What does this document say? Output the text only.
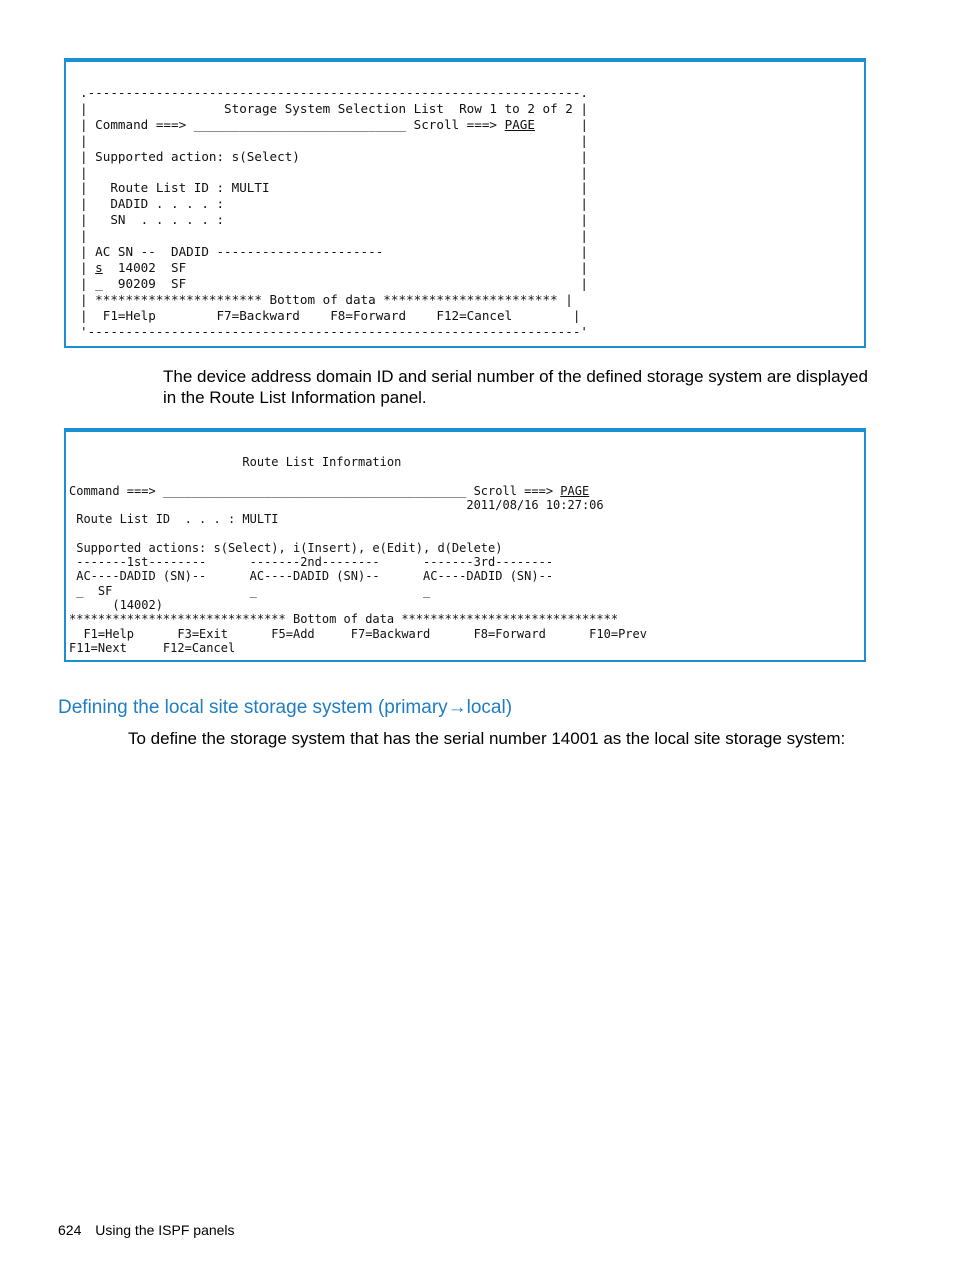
.-----------------------------------------------------------------.
|                  Storage System Selection List  Row 1 to 2 of 2 |
| Command ===> ____________________________ Scroll ===> PAGE      |
|                                                                 |
| Supported action: s(Select)                                     |
|                                                                 |
|   Route List ID : MULTI                                         |
|   DADID . . . . :                                               |
|   SN  . . . . . :                                               |
|                                                                 |
| AC SN --  DADID ----------------------                          |
| s  14002  SF                                                    |
| _  90209  SF                                                    |
| ********************** Bottom of data *********************** |
|  F1=Help        F7=Backward    F8=Forward    F12=Cancel        |
'-----------------------------------------------------------------'

The device address domain ID and serial number of the defined storage system are displayed in the Route List Information panel.
Route List Information

Command ===> __________________________________________ Scroll ===> PAGE
2011/08/16 10:27:06
Route List ID  . . . : MULTI

Supported actions: s(Select), i(Insert), e(Edit), d(Delete)
-------1st--------      -------2nd--------      -------3rd--------
AC----DADID (SN)--      AC----DADID (SN)--      AC----DADID (SN)--
_  SF                   _                       _
(14002)
****************************** Bottom of data ******************************
F1=Help      F3=Exit      F5=Add     F7=Backward      F8=Forward      F10=Prev
F11=Next     F12=Cancel

Defining the local site storage system (primary→local)
To define the storage system that has the serial number 14001 as the local site storage system:
624 Using the ISPF panels
